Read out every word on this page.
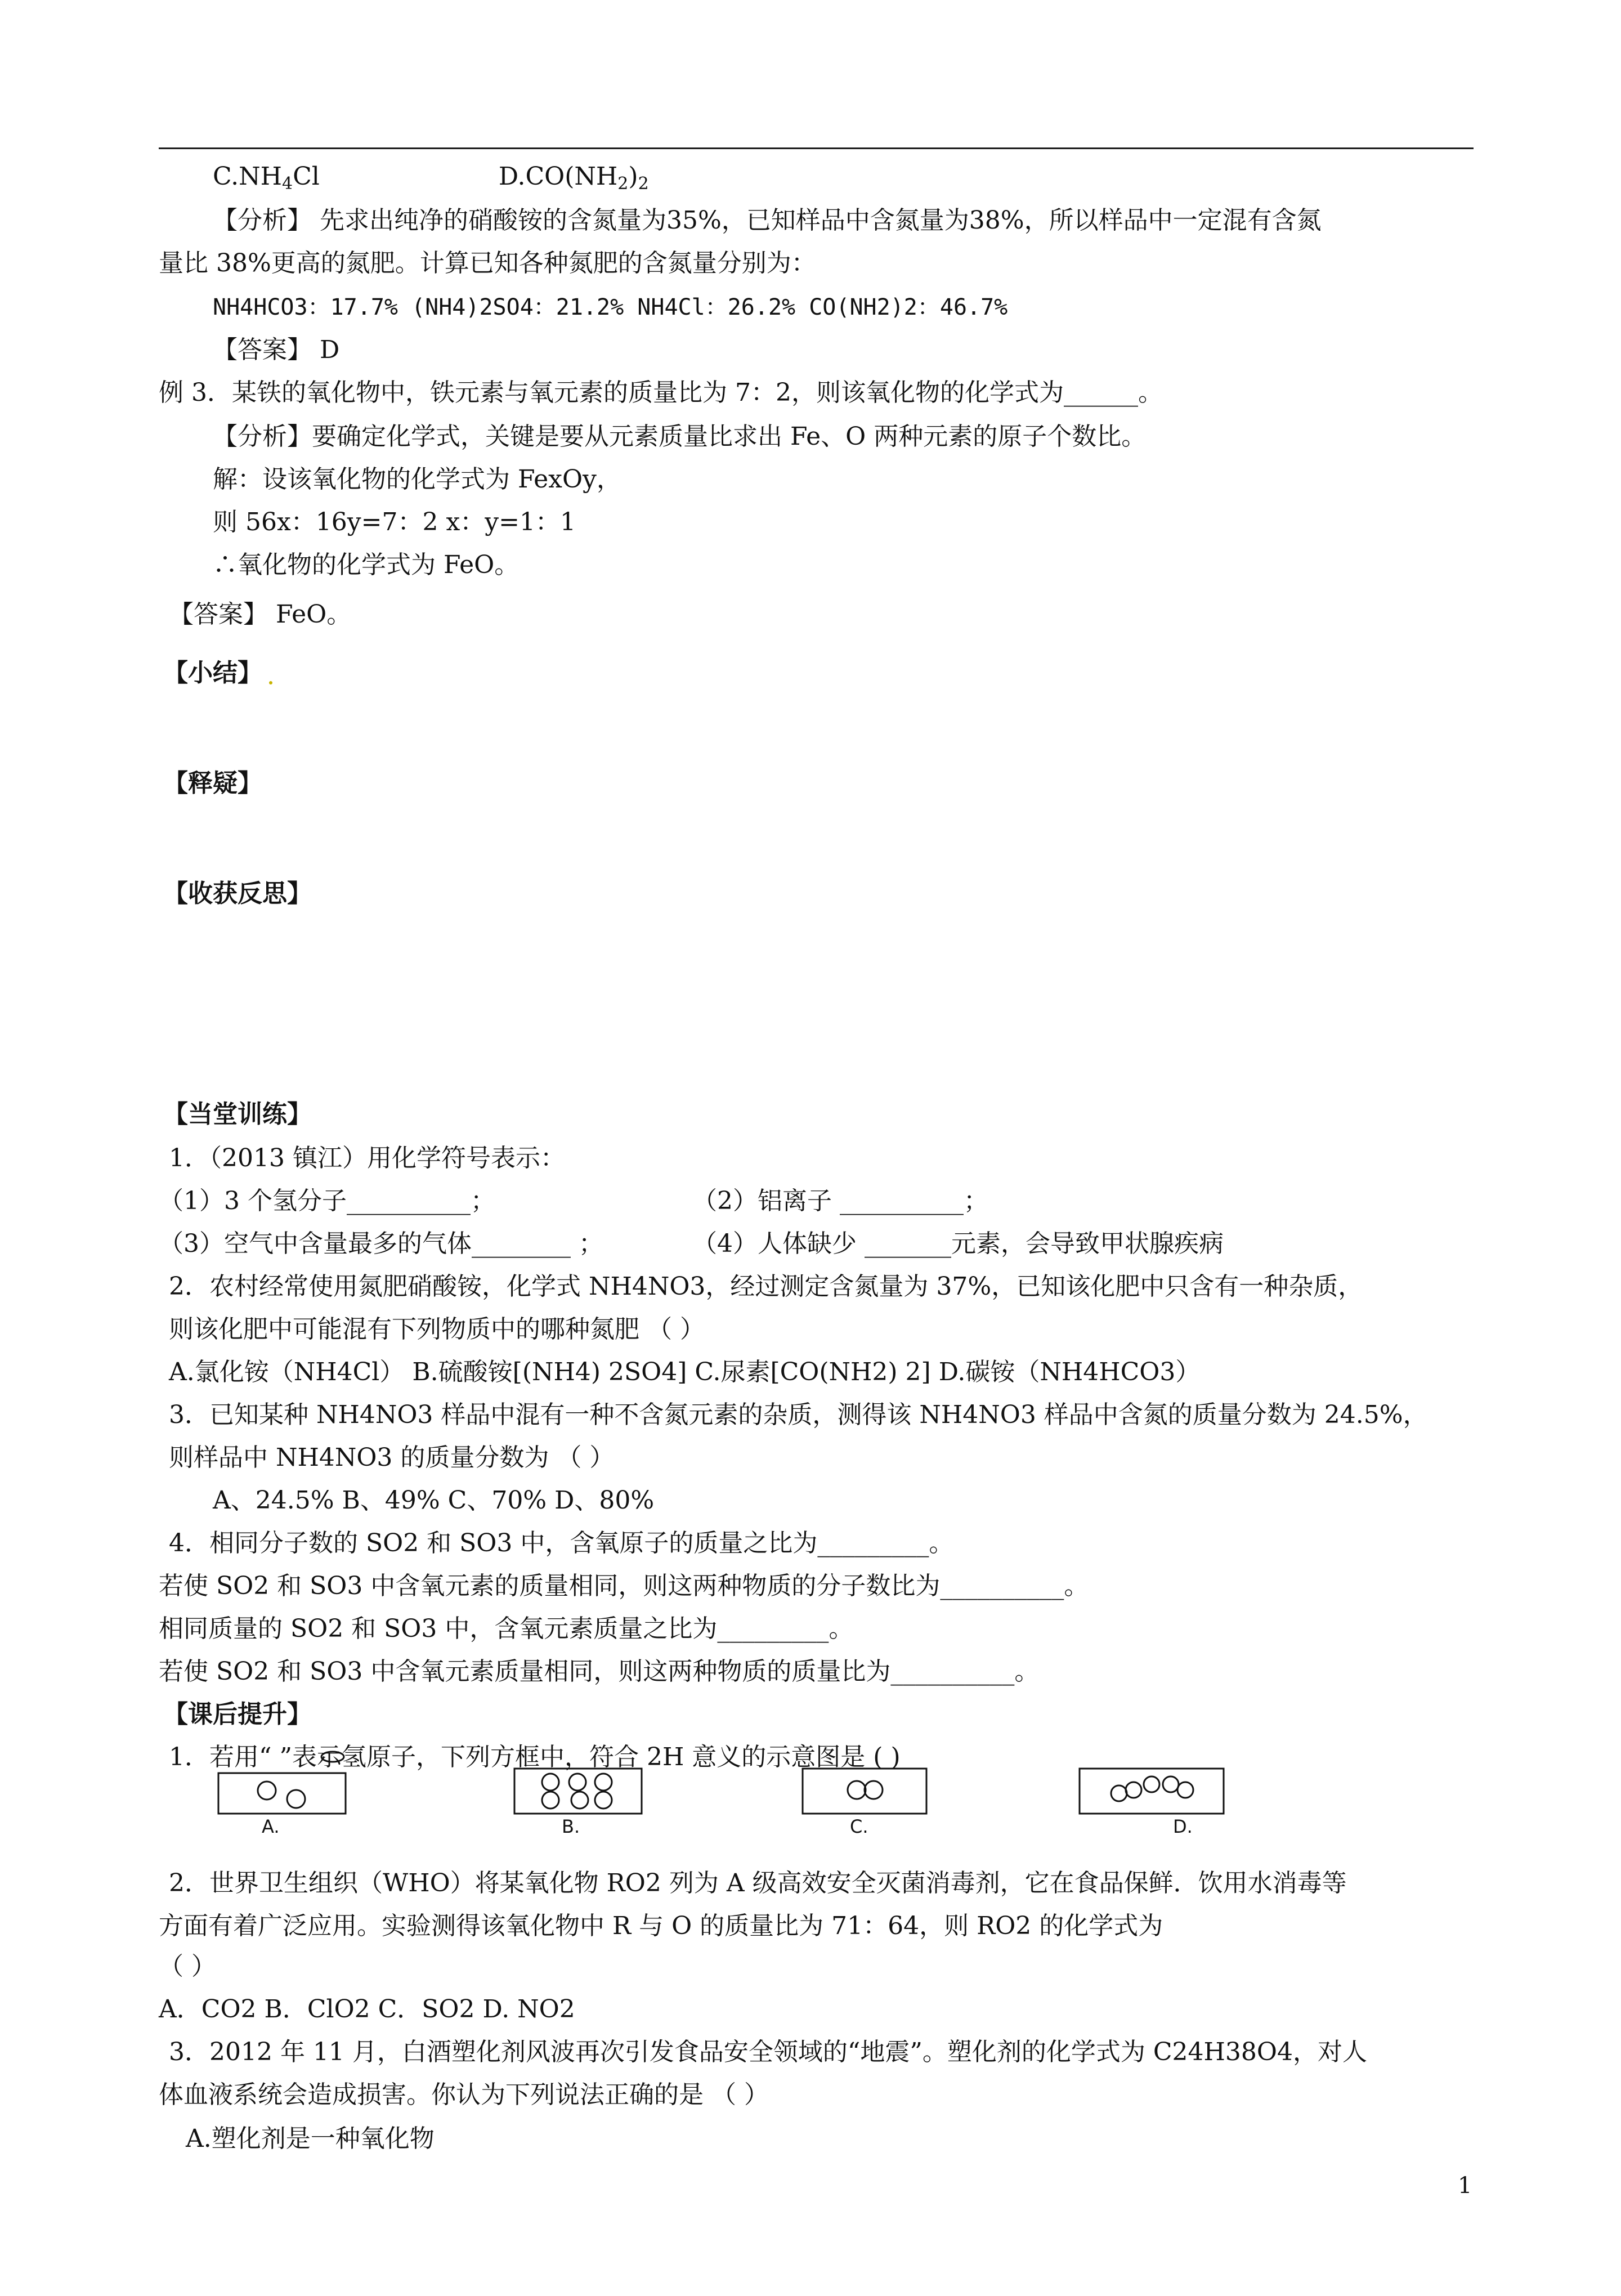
$C.NH_4Cl$	$D.CO(NH_2)_2$
【分析】 先求出纯净的硝酸铵的含氮量为35%，已知样品中含氮量为38%，所以样品中一定混有含氮
量比 38%更高的氮肥。计算已知各种氮肥的含氮量分别为：
NH4HCO3：17.7% (NH4)2SO4：21.2% NH4Cl：26.2% CO(NH2)2：46.7%
【答案】 D
例 3．某铁的氧化物中，铁元素与氧元素的质量比为 7：2，则该氧化物的化学式为______。
【分析】要确定化学式，关键是要从元素质量比求出 Fe、O 两种元素的原子个数比。
解：设该氧化物的化学式为 FexOy，
则 56x：16y=7：2 x：y=1：1
∴氧化物的化学式为 FeO。
【答案】 FeO。
【小结】
【释疑】
【收获反思】
【当堂训练】
1．（2013 镇江）用化学符号表示：
（1）3 个氢分子__________；	（2）铝离子 __________；
（3）空气中含量最多的气体________ ；	（4）人体缺少 _______元素，会导致甲状腺疾病
2．农村经常使用氮肥硝酸铵，化学式 NH4NO3，经过测定含氮量为 37%，已知该化肥中只含有一种杂质，
则该化肥中可能混有下列物质中的哪种氮肥 （ ）
A.氯化铵（NH4Cl） B.硫酸铵[(NH4) 2SO4] C.尿素[CO(NH2) 2] D.碳铵（NH4HCO3）
3．已知某种 NH4NO3 样品中混有一种不含氮元素的杂质，测得该 NH4NO3 样品中含氮的质量分数为 24.5%，
则样品中 NH4NO3 的质量分数为 （ ）
A、24.5% B、49% C、70% D、80%
4．相同分子数的 SO2 和 SO3 中，含氧原子的质量之比为_________。
若使 SO2 和 SO3 中含氧元素的质量相同，则这两种物质的分子数比为__________。
相同质量的 SO2 和 SO3 中，含氧元素质量之比为_________。
若使 SO2 和 SO3 中含氧元素质量相同，则这两种物质的质量比为__________。
【课后提升】
1．若用“ ”表示氢原子，下列方框中，符合 2H 意义的示意图是 ( )
A.	B.	C.	D.
2．世界卫生组织（WHO）将某氧化物 RO2 列为 A 级高效安全灭菌消毒剂，它在食品保鲜．饮用水消毒等
方面有着广泛应用。实验测得该氧化物中 R 与 O 的质量比为 71：64，则 RO2 的化学式为
（ ）
A．CO2 B．ClO2 C．SO2 D. NO2
3．2012 年 11 月，白酒塑化剂风波再次引发食品安全领域的“地震”。塑化剂的化学式为 C24H38O4，对人
体血液系统会造成损害。你认为下列说法正确的是 （ ）
A.塑化剂是一种氧化物
1
